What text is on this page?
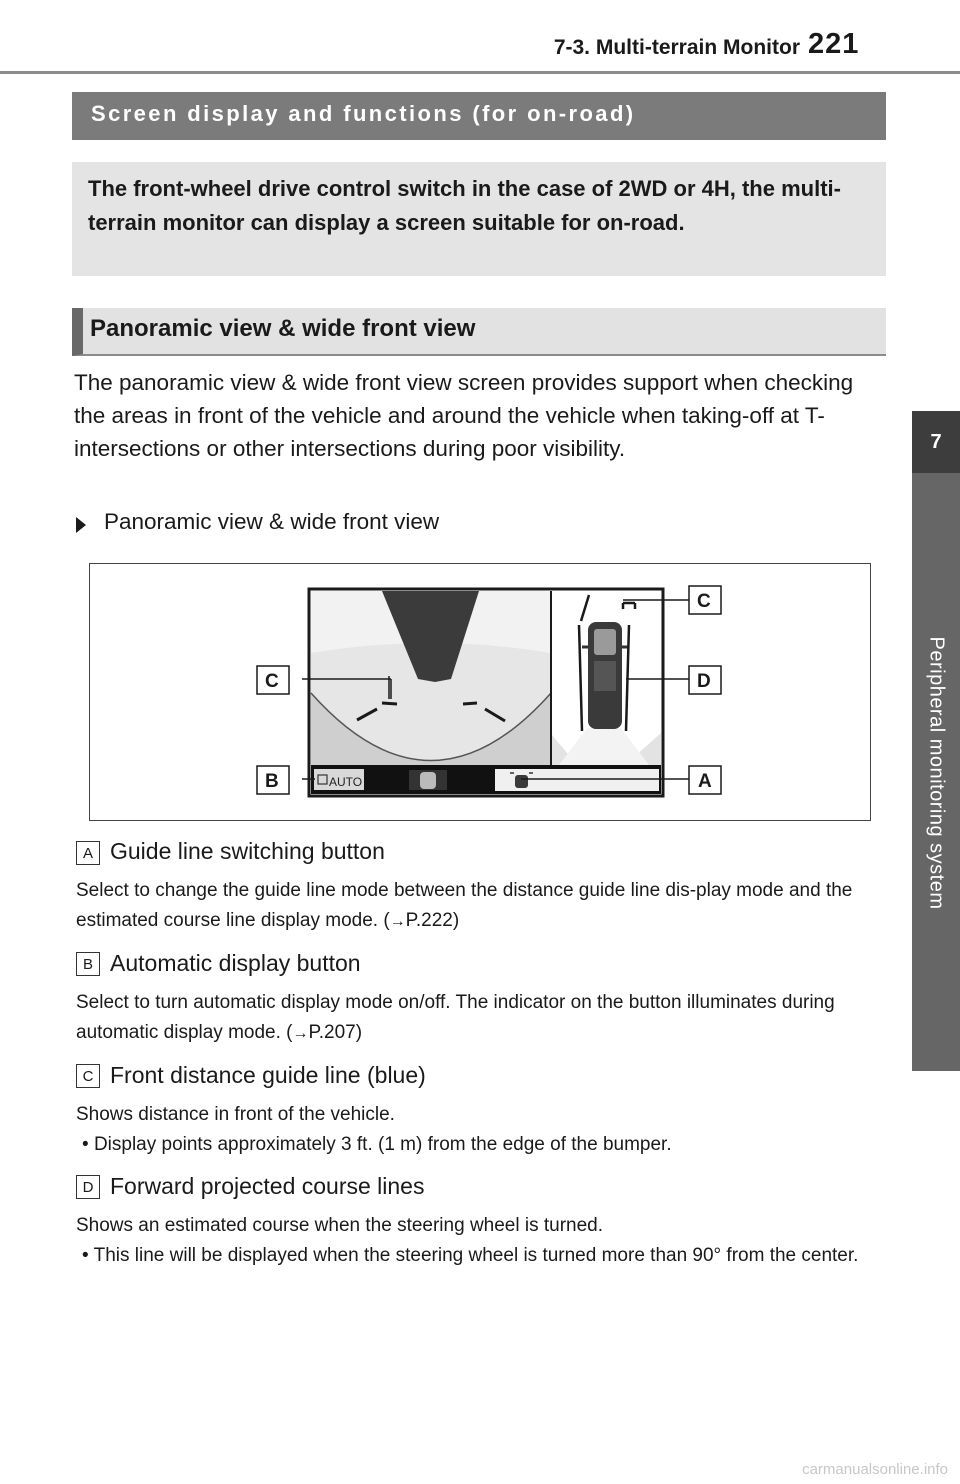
7-3. Multi-terrain Monitor 221
7
Peripheral monitoring system
Screen display and functions (for on-road)
The front-wheel drive control switch in the case of 2WD or 4H, the multi-terrain monitor can display a screen suitable for on-road.
Panoramic view & wide front view
The panoramic view & wide front view screen provides support when checking the areas in front of the vehicle and around the vehicle when taking-off at T-intersections or other intersections during poor visibility.
Panoramic view & wide front view
AUTO
C
B
C
D
A
A Guide line switching button
Select to change the guide line mode between the distance guide line dis-play mode and the estimated course line display mode. (→P.222)
B Automatic display button
Select to turn automatic display mode on/off. The indicator on the button illuminates during automatic display mode. (→P.207)
C Front distance guide line (blue)
Shows distance in front of the vehicle.
• Display points approximately 3 ft. (1 m) from the edge of the bumper.
D Forward projected course lines
Shows an estimated course when the steering wheel is turned.
• This line will be displayed when the steering wheel is turned more than 90° from the center.
carmanualsonline.info
